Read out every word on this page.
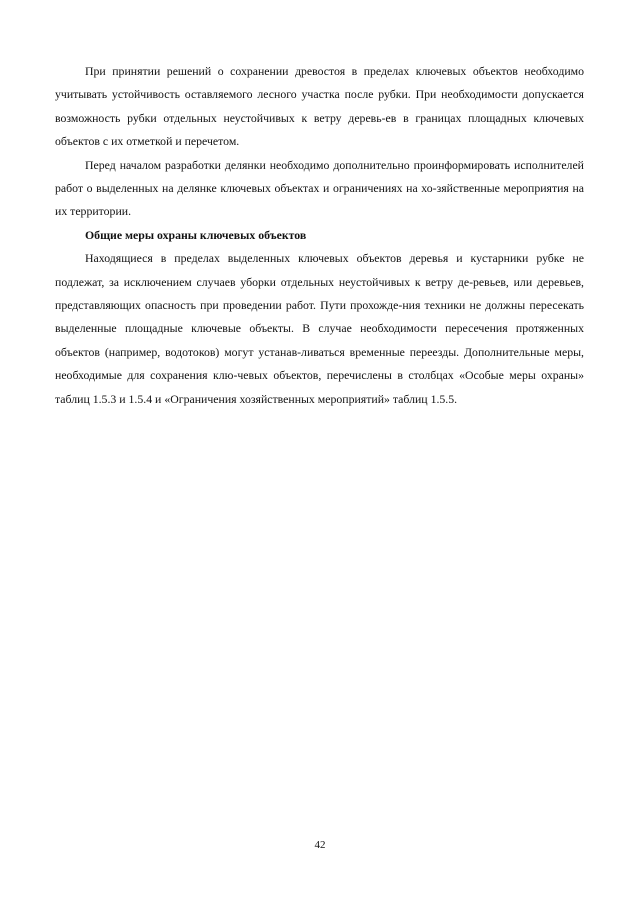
При принятии решений о сохранении древостоя в пределах ключевых объектов необходимо учитывать устойчивость оставляемого лесного участка после рубки. При необходимости допускается возможность рубки отдельных неустойчивых к ветру деревь-ев в границах площадных ключевых объектов с их отметкой и перечетом.

Перед началом разработки делянки необходимо дополнительно проинформировать исполнителей работ о выделенных на делянке ключевых объектах и ограничениях на хо-зяйственные мероприятия на их территории.

Общие меры охраны ключевых объектов

Находящиеся в пределах выделенных ключевых объектов деревья и кустарники рубке не подлежат, за исключением случаев уборки отдельных неустойчивых к ветру де-ревьев, или деревьев, представляющих опасность при проведении работ. Пути прохожде-ния техники не должны пересекать выделенные площадные ключевые объекты. В случае необходимости пересечения протяженных объектов (например, водотоков) могут устанав-ливаться временные переезды. Дополнительные меры, необходимые для сохранения клю-чевых объектов, перечислены в столбцах «Особые меры охраны» таблиц 1.5.3 и 1.5.4 и «Ограничения хозяйственных мероприятий» таблиц 1.5.5.

42
